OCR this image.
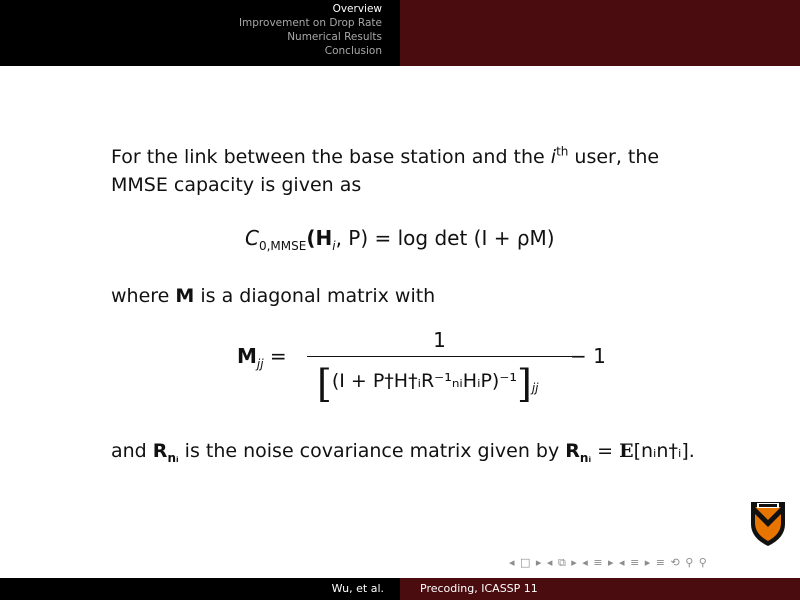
Overview
Improvement on Drop Rate
Numerical Results
Conclusion
For the link between the base station and the $i^{th}$ user, the
MMSE capacity is given as
$C_{0,MMSE}(H_i$, P) = log det (I + ρM)
where M is a diagonal matrix with
$M_{jj}$ =
1
$[(I + P\dagger H\dagger ᵢR^{-1}_nᵢHᵢP)^{-1}]_{jj}$
− 1
and $R_{nᵢ}$ is the noise covariance matrix given by $R_{nᵢ}$ = E[nᵢn†ᵢ].
◂ □ ▸ ◂ ⧉ ▸ ◂ ≡ ▸ ◂ ≡ ▸ ≡ ⟲ ⚲ ⚲
Wu, et al.	Precoding, ICASSP 11
